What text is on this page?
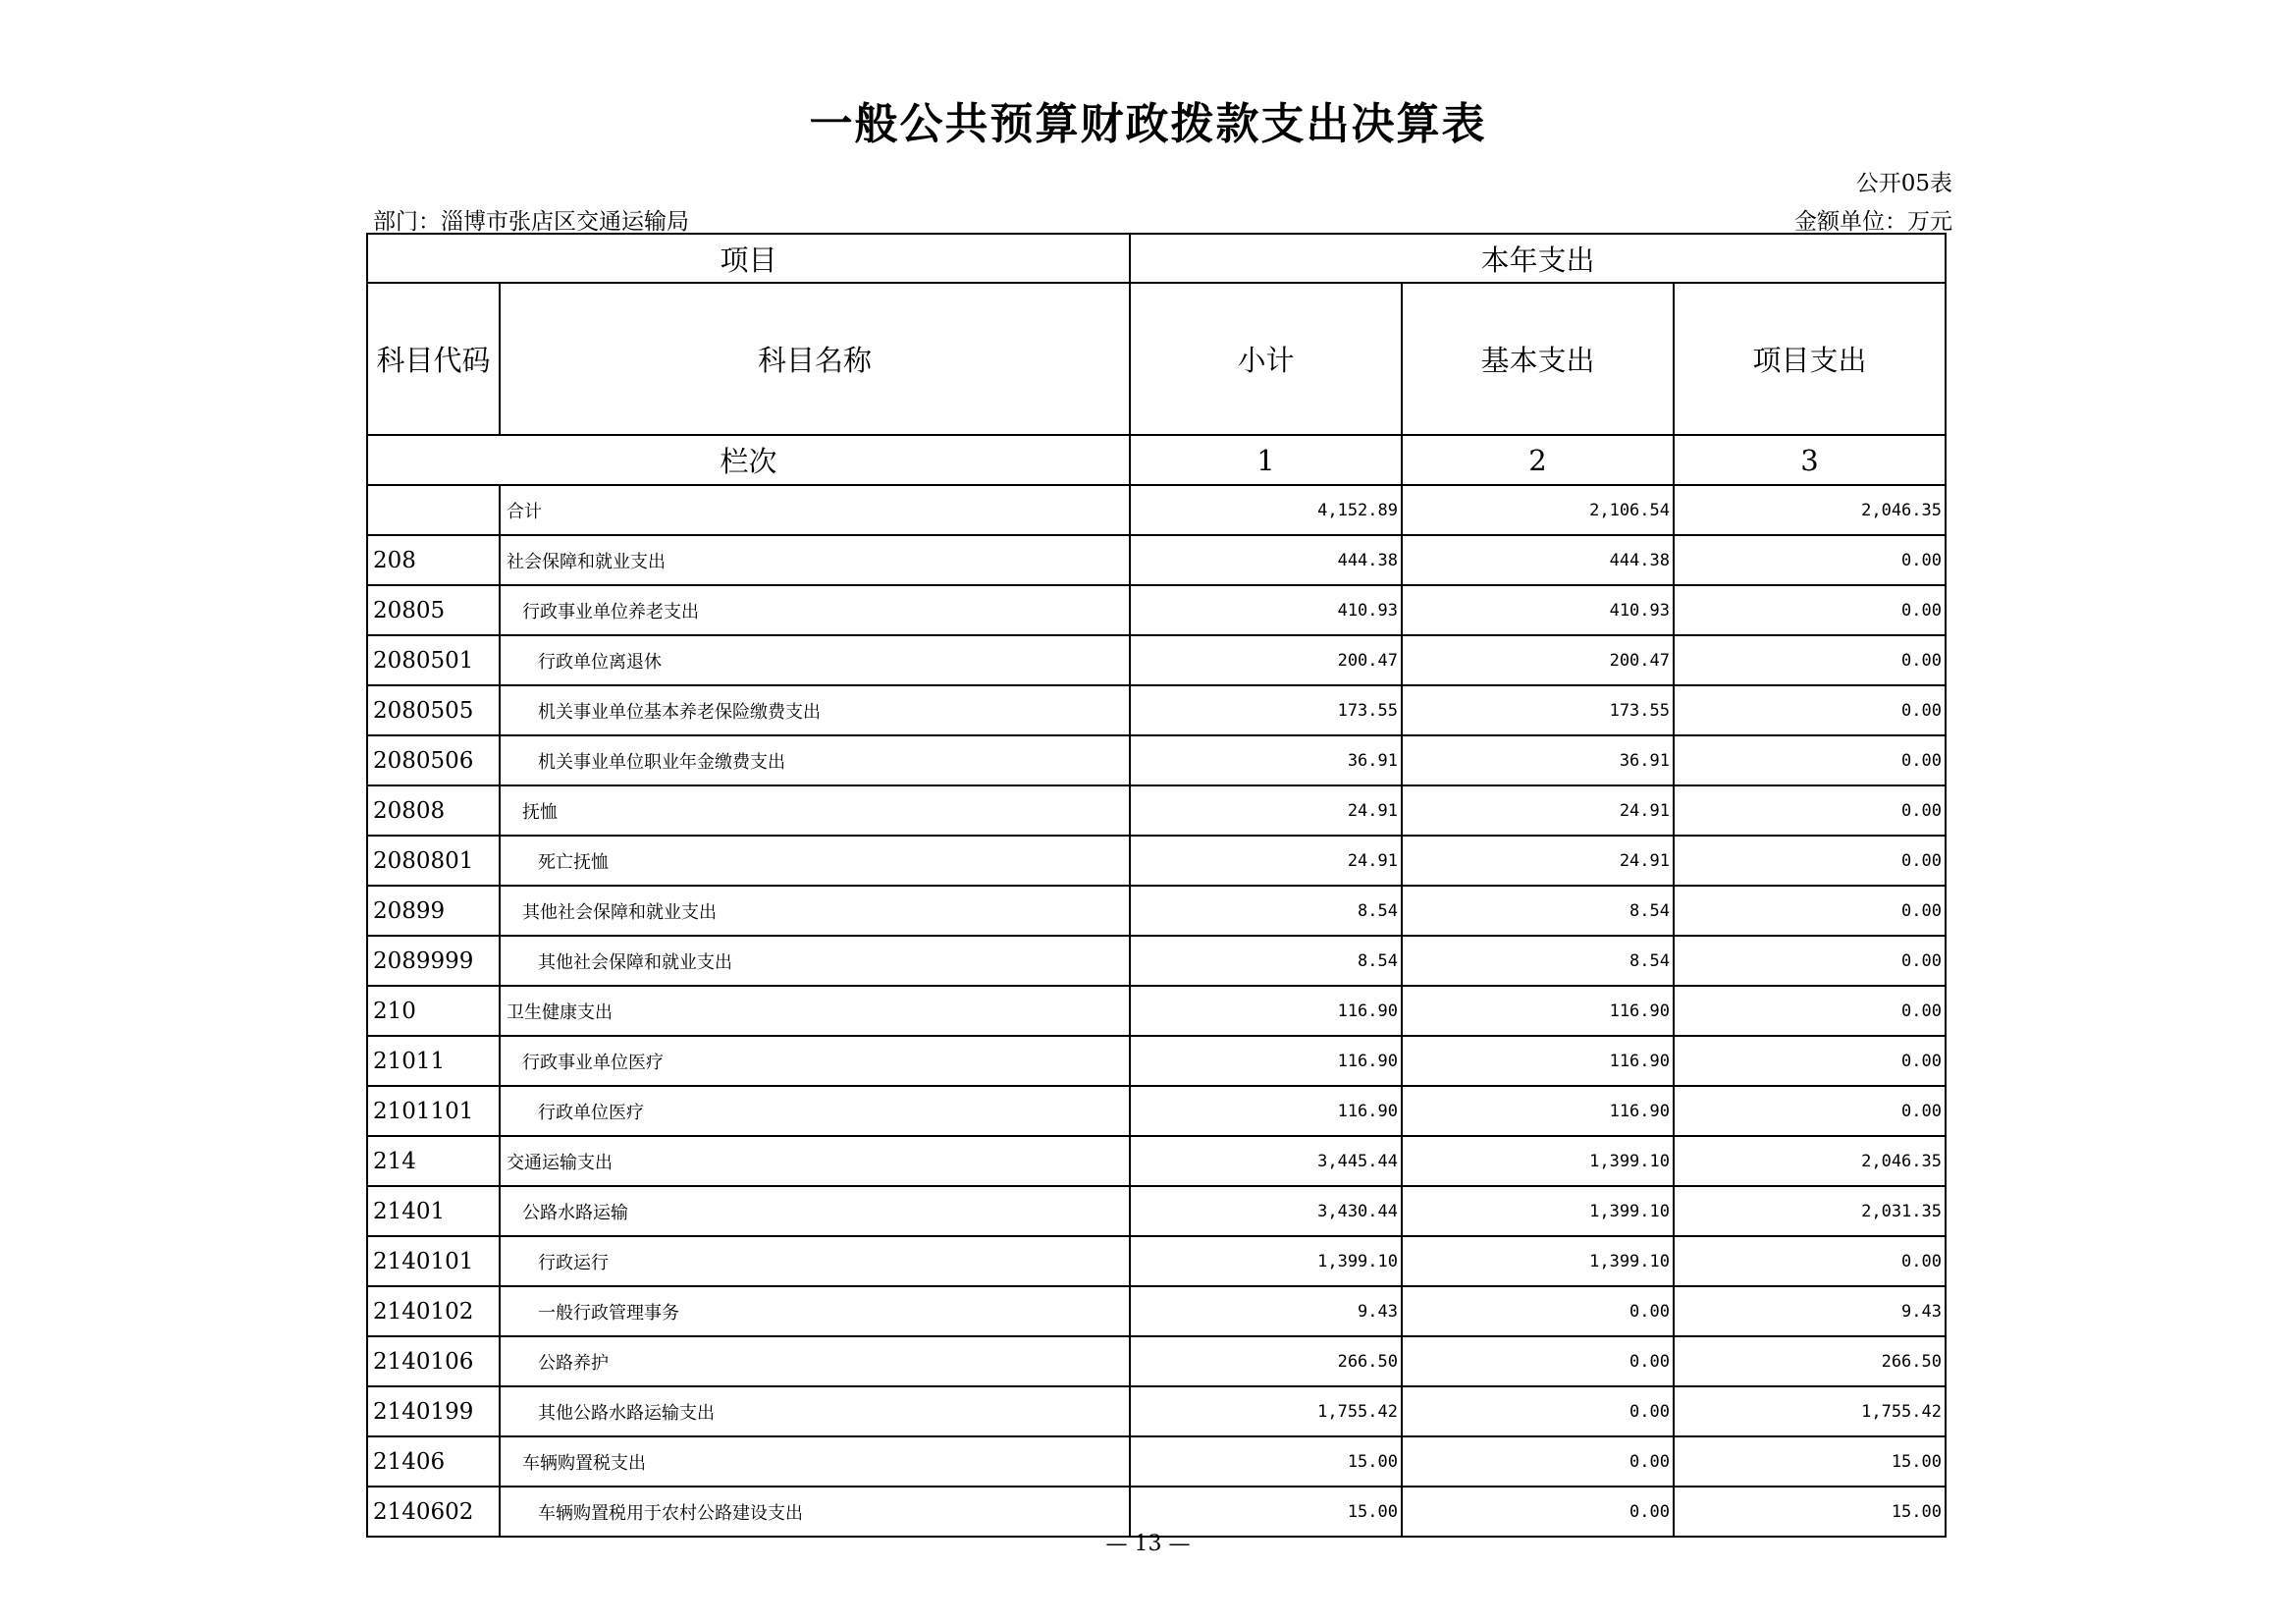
一般公共预算财政拨款支出决算表
公开05表
部门：淄博市张店区交通运输局	金额单位：万元
项目		本年支出		
科目代码	科目名称	小计	基本支出	项目支出
栏次		1	2	3
	合计	4,152.89	2,106.54	2,046.35
208	社会保障和就业支出	444.38	444.38	0.00
20805	行政事业单位养老支出	410.93	410.93	0.00
2080501	行政单位离退休	200.47	200.47	0.00
2080505	机关事业单位基本养老保险缴费支出	173.55	173.55	0.00
2080506	机关事业单位职业年金缴费支出	36.91	36.91	0.00
20808	抚恤	24.91	24.91	0.00
2080801	死亡抚恤	24.91	24.91	0.00
20899	其他社会保障和就业支出	8.54	8.54	0.00
2089999	其他社会保障和就业支出	8.54	8.54	0.00
210	卫生健康支出	116.90	116.90	0.00
21011	行政事业单位医疗	116.90	116.90	0.00
2101101	行政单位医疗	116.90	116.90	0.00
214	交通运输支出	3,445.44	1,399.10	2,046.35
21401	公路水路运输	3,430.44	1,399.10	2,031.35
2140101	行政运行	1,399.10	1,399.10	0.00
2140102	一般行政管理事务	9.43	0.00	9.43
2140106	公路养护	266.50	0.00	266.50
2140199	其他公路水路运输支出	1,755.42	0.00	1,755.42
21406	车辆购置税支出	15.00	0.00	15.00
2140602	车辆购置税用于农村公路建设支出	15.00	0.00	15.00
— 13 —
